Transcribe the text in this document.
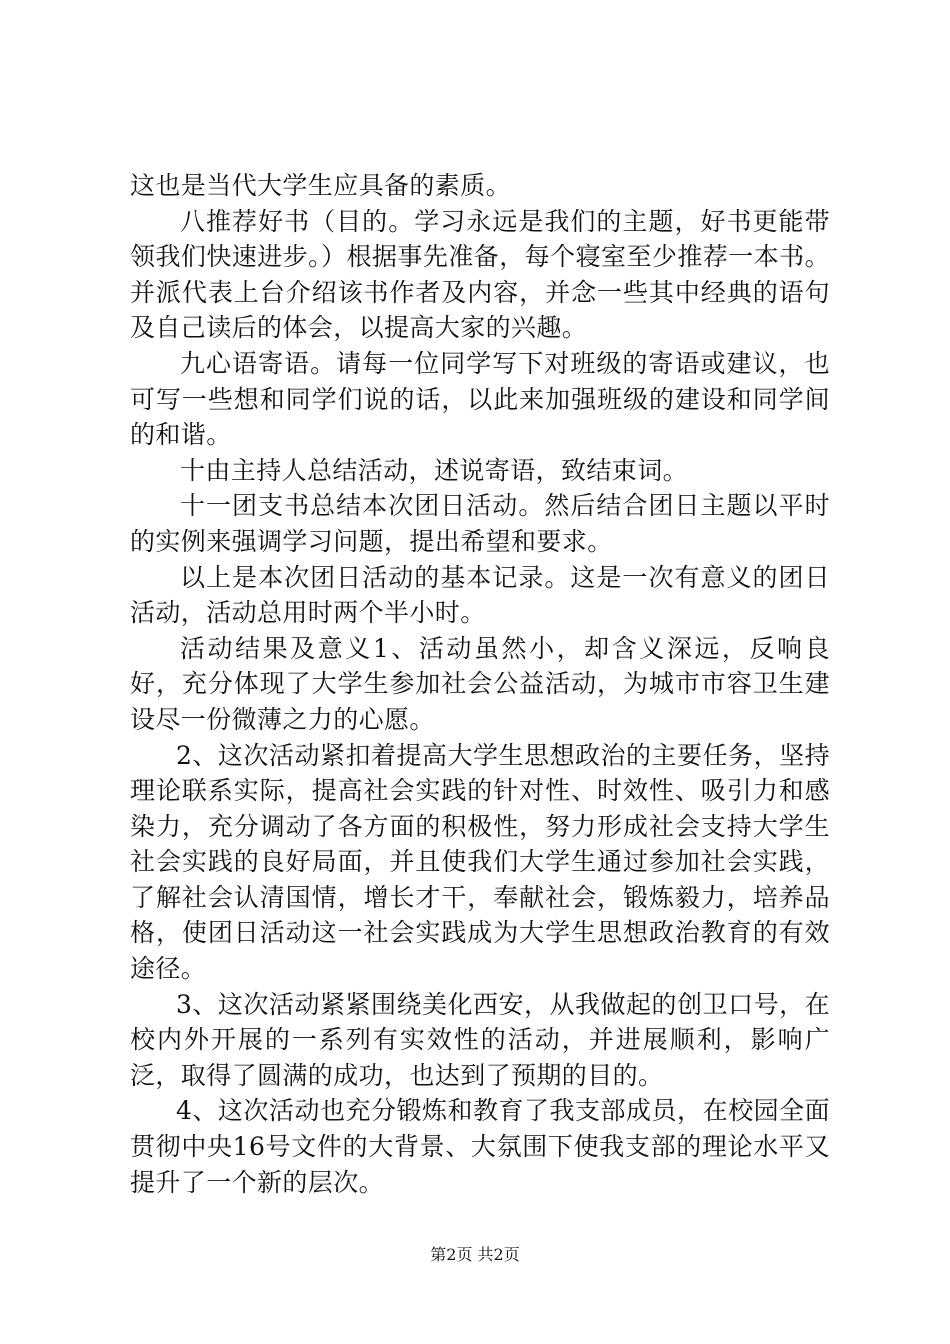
这也是当代大学生应具备的素质。

八推荐好书（目的。学习永远是我们的主题，好书更能带领我们快速进步。）根据事先准备，每个寝室至少推荐一本书。并派代表上台介绍该书作者及内容，并念一些其中经典的语句及自己读后的体会，以提高大家的兴趣。

九心语寄语。请每一位同学写下对班级的寄语或建议，也可写一些想和同学们说的话，以此来加强班级的建设和同学间的和谐。

十由主持人总结活动，述说寄语，致结束词。

十一团支书总结本次团日活动。然后结合团日主题以平时的实例来强调学习问题，提出希望和要求。

以上是本次团日活动的基本记录。这是一次有意义的团日活动，活动总用时两个半小时。

活动结果及意义1、活动虽然小，却含义深远，反响良好，充分体现了大学生参加社会公益活动，为城市市容卫生建设尽一份微薄之力的心愿。

2、这次活动紧扣着提高大学生思想政治的主要任务，坚持理论联系实际，提高社会实践的针对性、时效性、吸引力和感染力，充分调动了各方面的积极性，努力形成社会支持大学生社会实践的良好局面，并且使我们大学生通过参加社会实践，了解社会认清国情，增长才干，奉献社会，锻炼毅力，培养品格，使团日活动这一社会实践成为大学生思想政治教育的有效途径。

3、这次活动紧紧围绕美化西安，从我做起的创卫口号，在校内外开展的一系列有实效性的活动，并进展顺利，影响广泛，取得了圆满的成功，也达到了预期的目的。

4、这次活动也充分锻炼和教育了我支部成员，在校园全面贯彻中央16号文件的大背景、大氛围下使我支部的理论水平又提升了一个新的层次。

第2页 共2页
